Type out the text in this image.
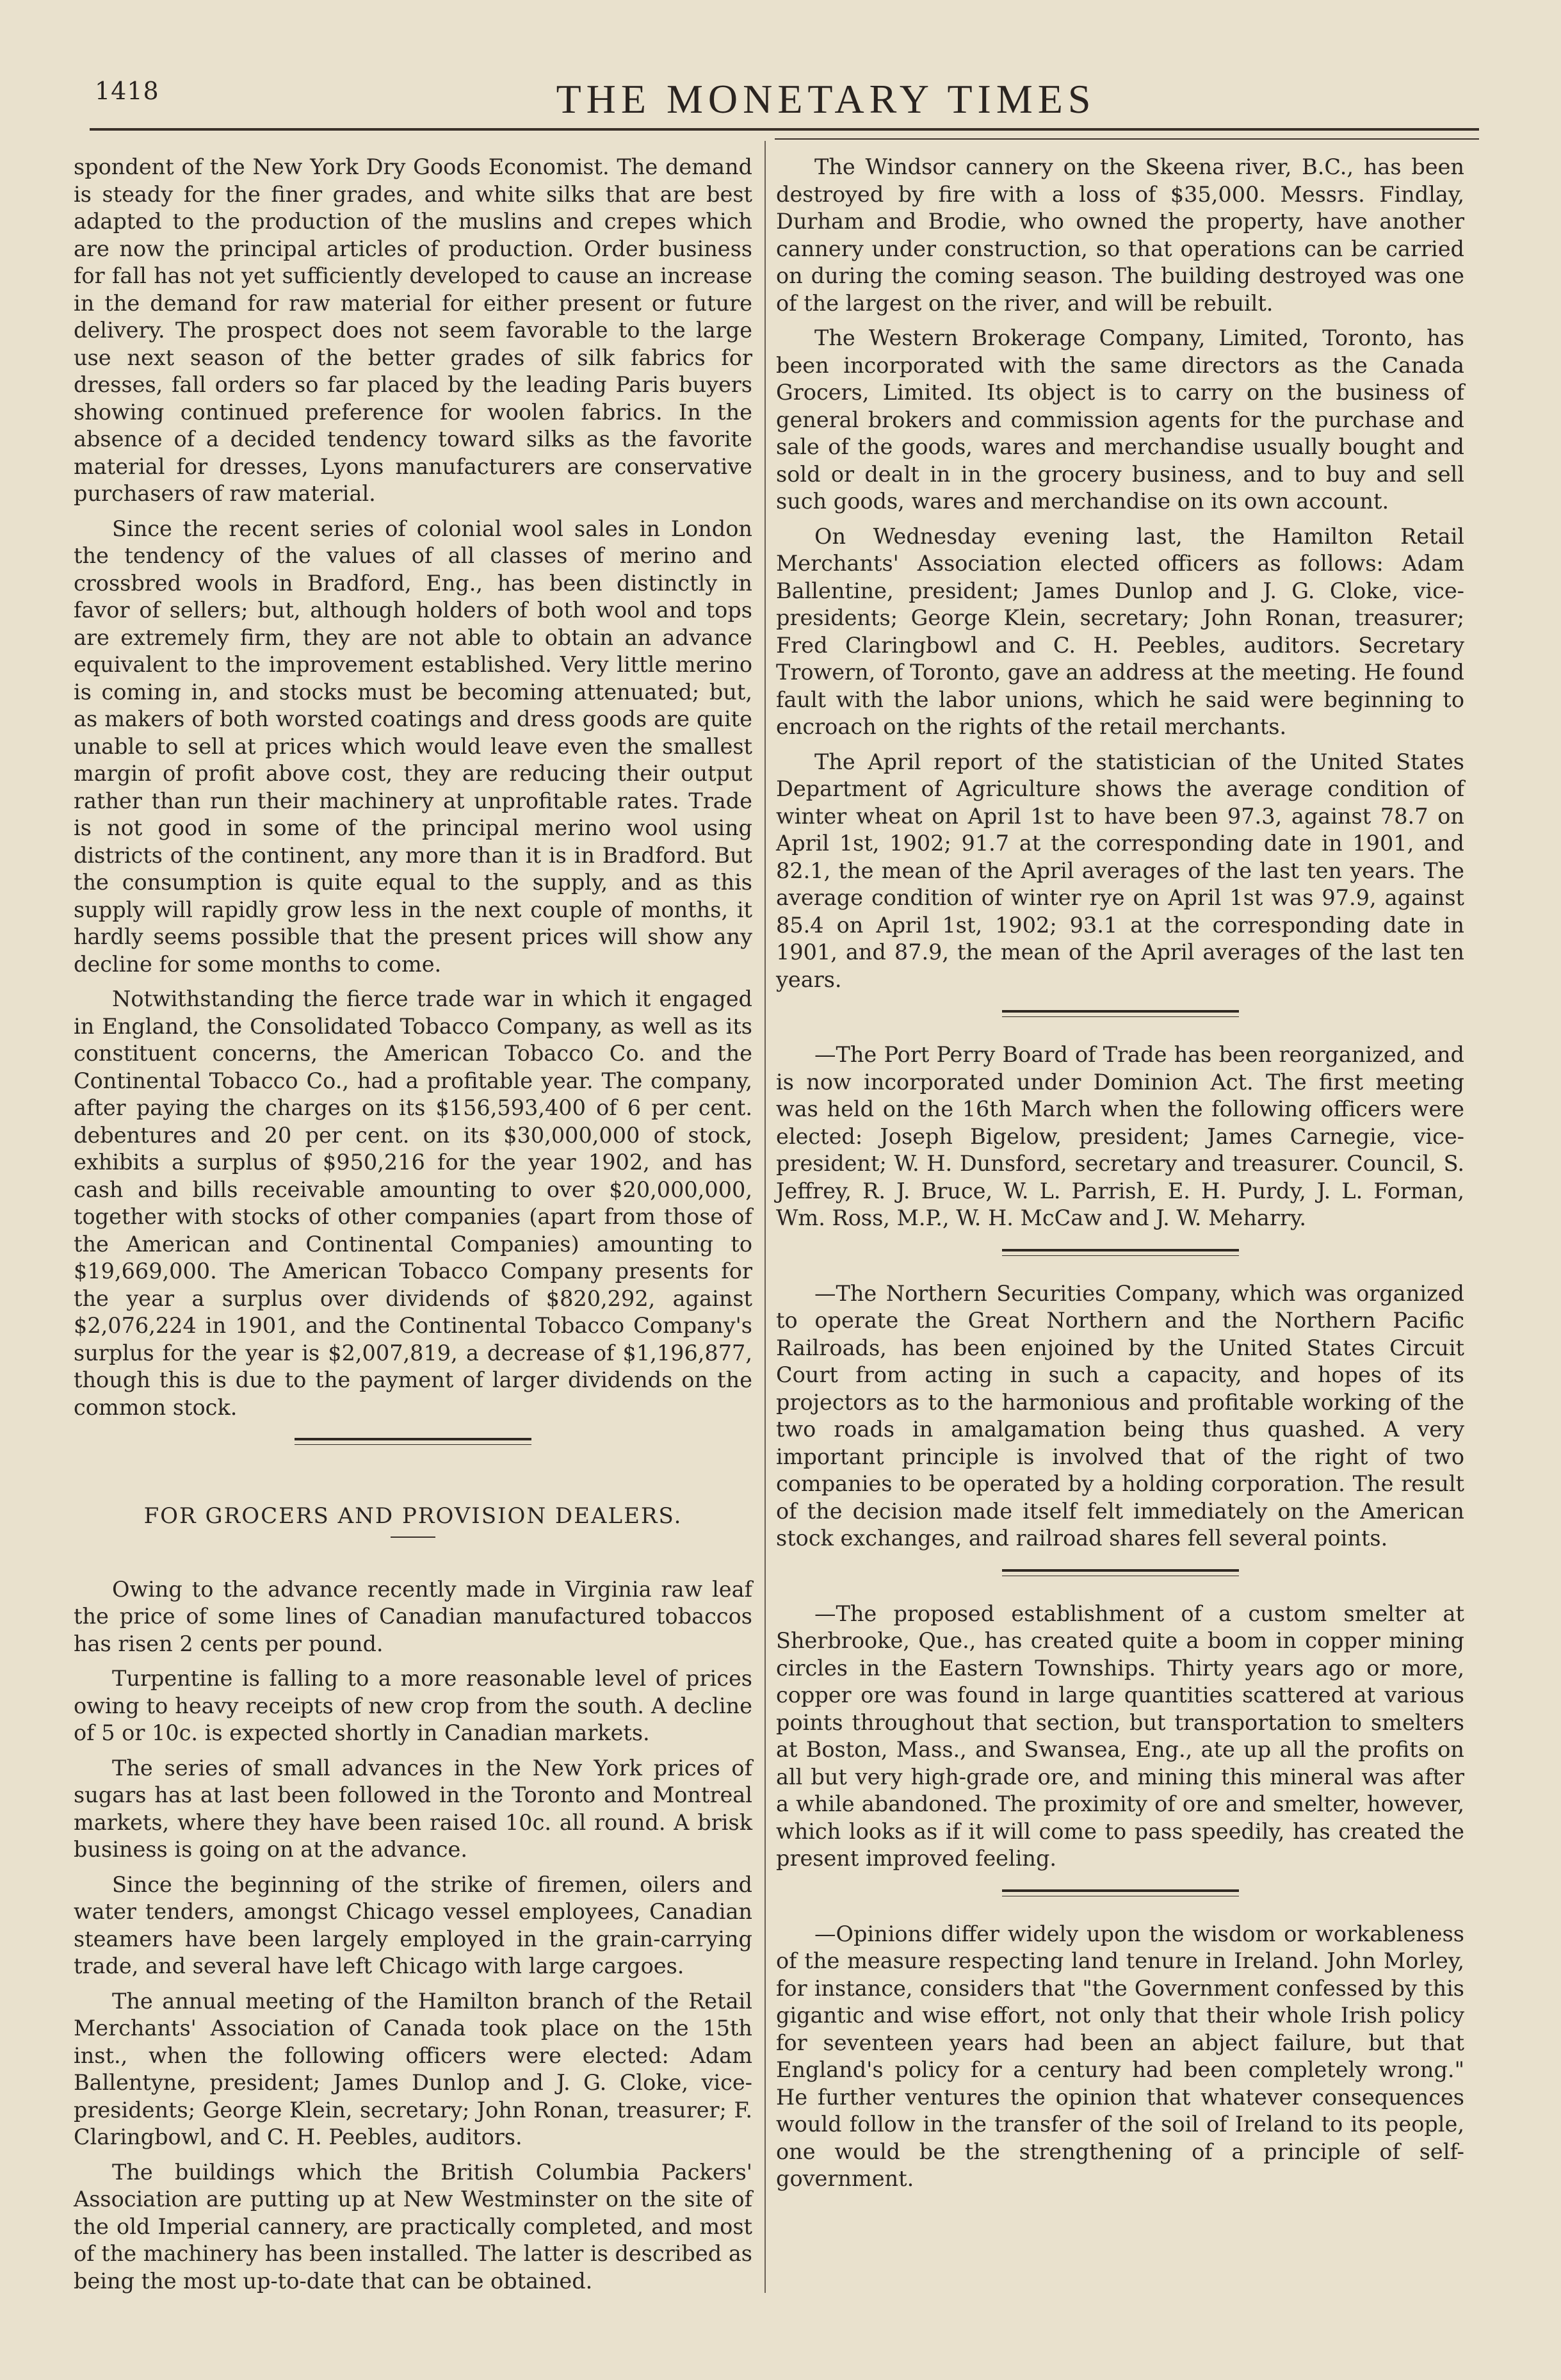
1418	THE MONETARY TIMES

spondent of the New York Dry Goods Economist. The demand is steady for the finer grades, and white silks that are best adapted to the production of the muslins and crepes which are now the principal articles of production. Order business for fall has not yet sufficiently developed to cause an increase in the demand for raw material for either present or future delivery. The prospect does not seem favorable to the large use next season of the better grades of silk fabrics for dresses, fall orders so far placed by the leading Paris buyers showing continued preference for woolen fabrics. In the absence of a decided tendency toward silks as the favorite material for dresses, Lyons manufacturers are conservative purchasers of raw material.

Since the recent series of colonial wool sales in London the tendency of the values of all classes of merino and crossbred wools in Bradford, Eng., has been distinctly in favor of sellers; but, although holders of both wool and tops are extremely firm, they are not able to obtain an advance equivalent to the improvement established. Very little merino is coming in, and stocks must be becoming attenuated; but, as makers of both worsted coatings and dress goods are quite unable to sell at prices which would leave even the smallest margin of profit above cost, they are reducing their output rather than run their machinery at unprofitable rates. Trade is not good in some of the principal merino wool using districts of the continent, any more than it is in Bradford. But the consumption is quite equal to the supply, and as this supply will rapidly grow less in the next couple of months, it hardly seems possible that the present prices will show any decline for some months to come.

Notwithstanding the fierce trade war in which it engaged in England, the Consolidated Tobacco Company, as well as its constituent concerns, the American Tobacco Co. and the Continental Tobacco Co., had a profitable year. The company, after paying the charges on its $156,593,400 of 6 per cent. debentures and 20 per cent. on its $30,000,000 of stock, exhibits a surplus of $950,216 for the year 1902, and has cash and bills receivable amounting to over $20,000,000, together with stocks of other companies (apart from those of the American and Continental Companies) amounting to $19,669,000. The American Tobacco Company presents for the year a surplus over dividends of $820,292, against $2,076,224 in 1901, and the Continental Tobacco Company's surplus for the year is $2,007,819, a decrease of $1,196,877, though this is due to the payment of larger dividends on the common stock.

FOR GROCERS AND PROVISION DEALERS.

Owing to the advance recently made in Virginia raw leaf the price of some lines of Canadian manufactured tobaccos has risen 2 cents per pound.

Turpentine is falling to a more reasonable level of prices owing to heavy receipts of new crop from the south. A decline of 5 or 10c. is expected shortly in Canadian markets.

The series of small advances in the New York prices of sugars has at last been followed in the Toronto and Montreal markets, where they have been raised 10c. all round. A brisk business is going on at the advance.

Since the beginning of the strike of firemen, oilers and water tenders, amongst Chicago vessel employees, Canadian steamers have been largely employed in the grain-carrying trade, and several have left Chicago with large cargoes.

The annual meeting of the Hamilton branch of the Retail Merchants' Association of Canada took place on the 15th inst., when the following officers were elected: Adam Ballentyne, president; James Dunlop and J. G. Cloke, vice-presidents; George Klein, secretary; John Ronan, treasurer; F. Claringbowl, and C. H. Peebles, auditors.

The buildings which the British Columbia Packers' Association are putting up at New Westminster on the site of the old Imperial cannery, are practically completed, and most of the machinery has been installed. The latter is described as being the most up-to-date that can be obtained.

The Windsor cannery on the Skeena river, B.C., has been destroyed by fire with a loss of $35,000. Messrs. Findlay, Durham and Brodie, who owned the property, have another cannery under construction, so that operations can be carried on during the coming season. The building destroyed was one of the largest on the river, and will be rebuilt.

The Western Brokerage Company, Limited, Toronto, has been incorporated with the same directors as the Canada Grocers, Limited. Its object is to carry on the business of general brokers and commission agents for the purchase and sale of the goods, wares and merchandise usually bought and sold or dealt in in the grocery business, and to buy and sell such goods, wares and merchandise on its own account.

On Wednesday evening last, the Hamilton Retail Merchants' Association elected officers as follows: Adam Ballentine, president; James Dunlop and J. G. Cloke, vice-presidents; George Klein, secretary; John Ronan, treasurer; Fred Claringbowl and C. H. Peebles, auditors. Secretary Trowern, of Toronto, gave an address at the meeting. He found fault with the labor unions, which he said were beginning to encroach on the rights of the retail merchants.

The April report of the statistician of the United States Department of Agriculture shows the average condition of winter wheat on April 1st to have been 97.3, against 78.7 on April 1st, 1902; 91.7 at the corresponding date in 1901, and 82.1, the mean of the April averages of the last ten years. The average condition of winter rye on April 1st was 97.9, against 85.4 on April 1st, 1902; 93.1 at the corresponding date in 1901, and 87.9, the mean of the April averages of the last ten years.

—The Port Perry Board of Trade has been reorganized, and is now incorporated under Dominion Act. The first meeting was held on the 16th March when the following officers were elected: Joseph Bigelow, president; James Carnegie, vice-president; W. H. Dunsford, secretary and treasurer. Council, S. Jeffrey, R. J. Bruce, W. L. Parrish, E. H. Purdy, J. L. Forman, Wm. Ross, M.P., W. H. McCaw and J. W. Meharry.

—The Northern Securities Company, which was organized to operate the Great Northern and the Northern Pacific Railroads, has been enjoined by the United States Circuit Court from acting in such a capacity, and hopes of its projectors as to the harmonious and profitable working of the two roads in amalgamation being thus quashed. A very important principle is involved that of the right of two companies to be operated by a holding corporation. The result of the decision made itself felt immediately on the American stock exchanges, and railroad shares fell several points.

—The proposed establishment of a custom smelter at Sherbrooke, Que., has created quite a boom in copper mining circles in the Eastern Townships. Thirty years ago or more, copper ore was found in large quantities scattered at various points throughout that section, but transportation to smelters at Boston, Mass., and Swansea, Eng., ate up all the profits on all but very high-grade ore, and mining this mineral was after a while abandoned. The proximity of ore and smelter, however, which looks as if it will come to pass speedily, has created the present improved feeling.

—Opinions differ widely upon the wisdom or workableness of the measure respecting land tenure in Ireland. John Morley, for instance, considers that "the Government confessed by this gigantic and wise effort, not only that their whole Irish policy for seventeen years had been an abject failure, but that England's policy for a century had been completely wrong." He further ventures the opinion that whatever consequences would follow in the transfer of the soil of Ireland to its people, one would be the strengthening of a principle of self-government.
